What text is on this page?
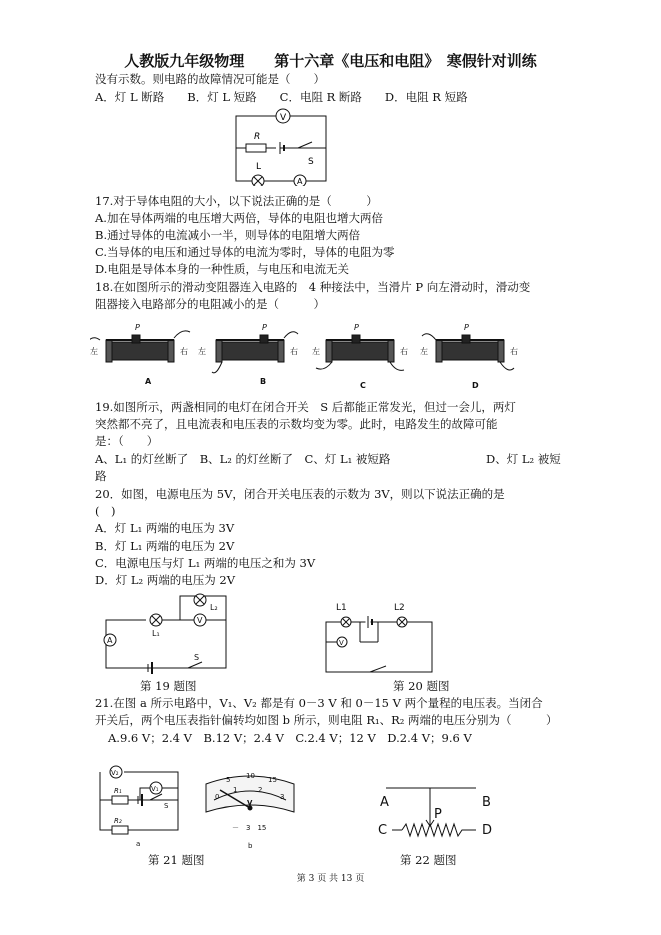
人教版九年级物理　　第十六章《电压和电阻》　寒假针对训练
没有示数。则电路的故障情况可能是（　　）
A．灯 L 断路　　B．灯 L 短路　　C．电阻 R 断路　　D．电阻 R 短路
V
R
S
L
A
17.对于导体电阻的大小，以下说法正确的是（　　　）
A.加在导体两端的电压增大两倍，导体的电阻也增大两倍
B.通过导体的电流减小一半，则导体的电阻增大两倍
C.当导体的电压和通过导体的电流为零时，导体的电阻为零
D.电阻是导体本身的一种性质，与电压和电流无关
18.在如图所示的滑动变阻器连入电路的　4 种接法中，当滑片 P 向左滑动时，滑动变
阻器接入电路部分的电阻减小的是（　　　）
P	P	P	P
左	右 左	右 左	右 左	右
A	B	C	D
19.如图所示，两盏相同的电灯在闭合开关　S 后都能正常发光，但过一会儿，两灯
突然都不亮了，且电流表和电压表的示数均变为零。此时，电路发生的故障可能
是：（　　）
A、L₁ 的灯丝断了　B、L₂ 的灯丝断了　C、灯 L₁ 被短路	D、灯 L₂ 被短
路
20．如图，电源电压为 5V，闭合开关电压表的示数为 3V，则以下说法正确的是
(　)
A．灯 L₁ 两端的电压为 3V
B．灯 L₁ 两端的电压为 2V
C．电源电压与灯 L₁ 两端的电压之和为 3V
D．灯 L₂ 两端的电压为 2V
V
A
L₁
L₂
S
第 19 题图
L1	L2
V
第 20 题图
21.在图 a 所示电路中，V₁、V₂ 都是有 0－3 V 和 0－15 V 两个量程的电压表。当闭合
开关后，两个电压表指针偏转均如图 b 所示，则电阻 R₁、R₂ 两端的电压分别为（　　　）
A.9.6 V；2.4 V　B.12 V；2.4 V　C.2.4 V；12 V　D.2.4 V；9.6 V
V₂
V₁
R₁
R₂
S
a
0
1	2
3
5 10 15
V
－　3　15
b
第 21 题图
A	B
C	D
P
第 22 题图
第 3 页 共 13 页
